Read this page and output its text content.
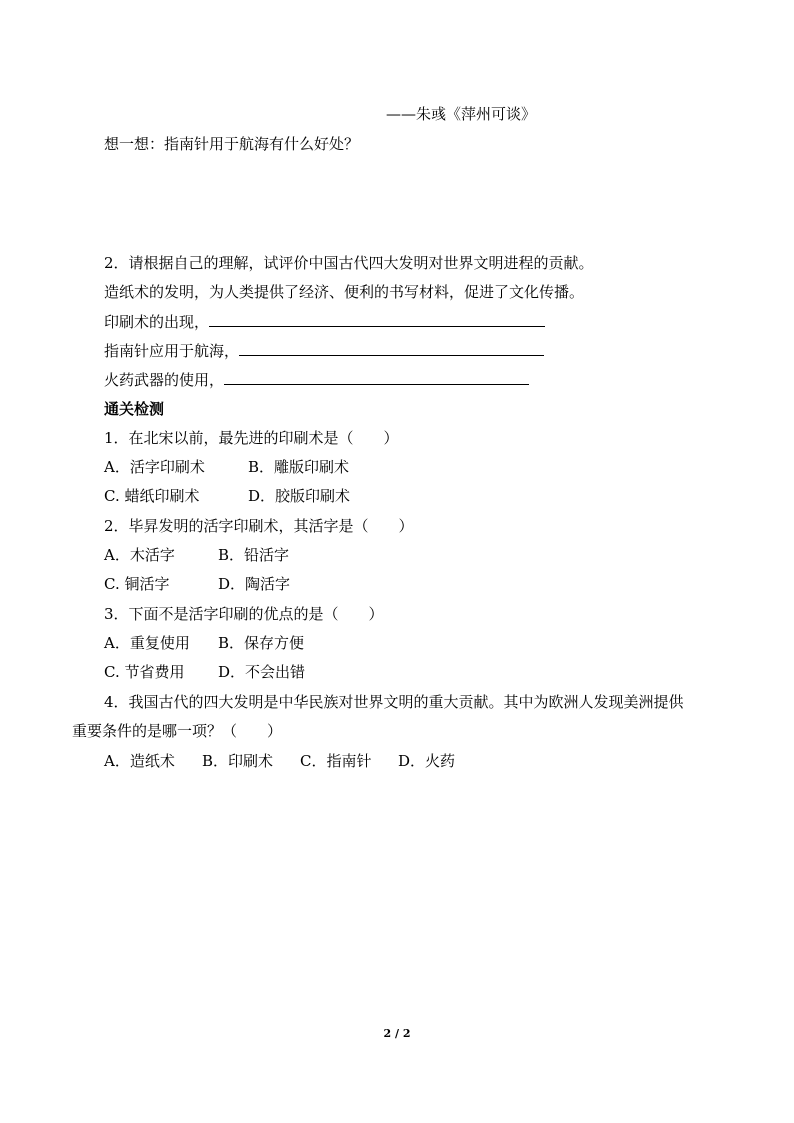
——朱彧《萍州可谈》
想一想：指南针用于航海有什么好处？
2．请根据自己的理解，试评价中国古代四大发明对世界文明进程的贡献。
造纸术的发明，为人类提供了经济、便利的书写材料，促进了文化传播。
印刷术的出现，
指南针应用于航海，
火药武器的使用，
通关检测
1．在北宋以前，最先进的印刷术是（　　）
A．活字印刷术	B．雕版印刷术
C. 蜡纸印刷术	D．胶版印刷术
2．毕昇发明的活字印刷术，其活字是（　　）
A．木活字	B．铅活字
C. 铜活字	D．陶活字
3．下面不是活字印刷的优点的是（　　）
A．重复使用 B．保存方便
C. 节省费用 D．不会出错
4．我国古代的四大发明是中华民族对世界文明的重大贡献。其中为欧洲人发现美洲提供
重要条件的是哪一项？（　　）
A．造纸术 B．印刷术 C．指南针 D．火药
2 / 2
